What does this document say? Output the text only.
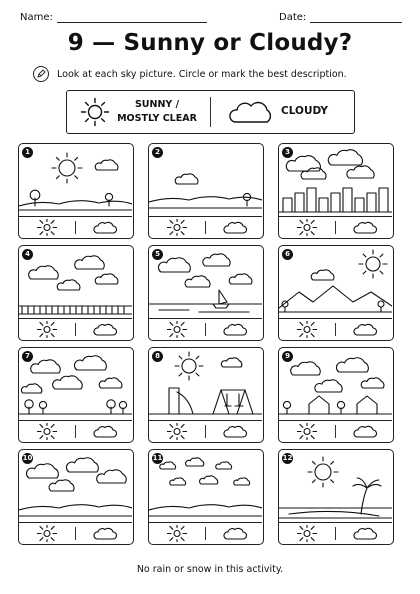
Name:	Date:
9 — Sunny or Cloudy?
Look at each sky picture. Circle or mark the best description.
SUNNY /
MOSTLY CLEAR
CLOUDY
1	2	3
4	5	6
7	8	9
10	11	12
No rain or snow in this activity.
